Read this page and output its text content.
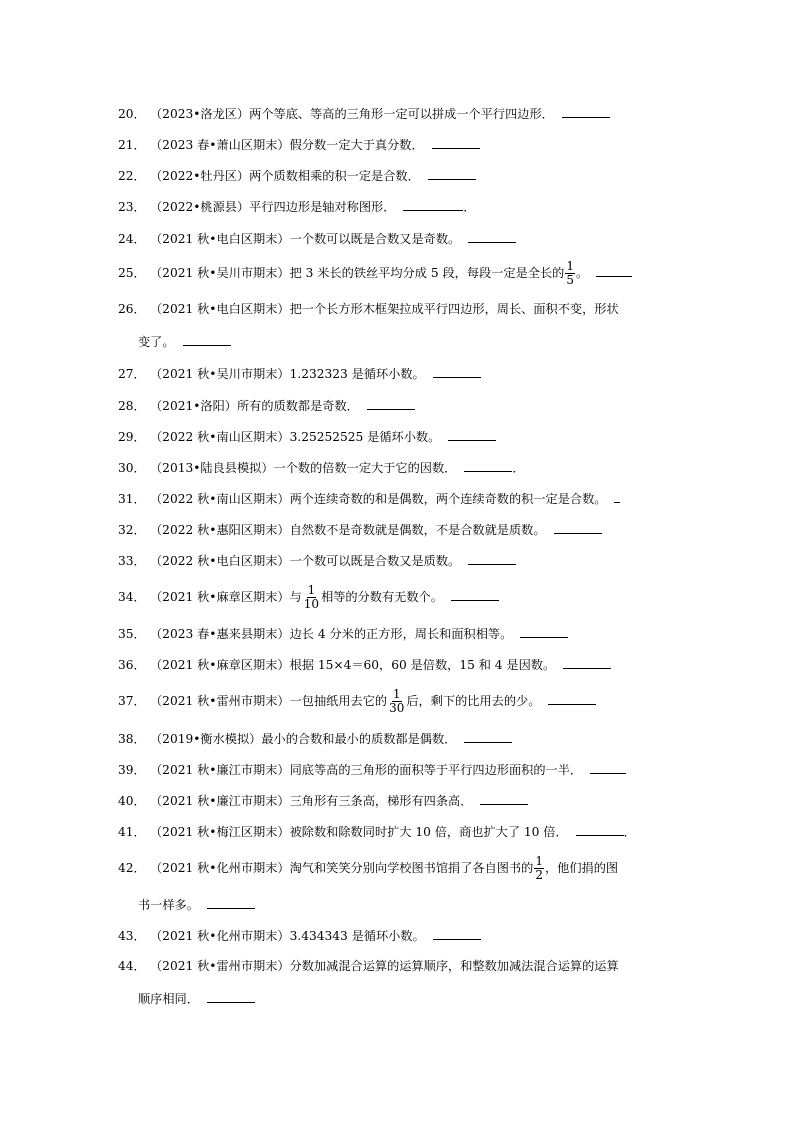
20． （2023•洛龙区）两个等底、等高的三角形一定可以拼成一个平行四边形．
21． （2023 春•萧山区期末）假分数一定大于真分数．
22． （2022•牡丹区）两个质数相乘的积一定是合数．
23． （2022•桃源县）平行四边形是轴对称图形．	．
24． （2021 秋•电白区期末）一个数可以既是合数又是奇数。
25． （2021 秋•吴川市期末）把 3 米长的铁丝平均分成 5 段，每段一定是全长的 $\frac{1}{5}$ 。
26． （2021 秋•电白区期末）把一个长方形木框架拉成平行四边形，周长、面积不变，形状
变了。
27． （2021 秋•吴川市期末）1.232323 是循环小数。
28． （2021•洛阳）所有的质数都是奇数．
29． （2022 秋•南山区期末）3.25252525 是循环小数。
30． （2013•陆良县模拟）一个数的倍数一定大于它的因数．	．
31． （2022 秋•南山区期末）两个连续奇数的和是偶数，两个连续奇数的积一定是合数。
32． （2022 秋•惠阳区期末）自然数不是奇数就是偶数，不是合数就是质数。
33． （2022 秋•电白区期末）一个数可以既是合数又是质数。
34． （2021 秋•麻章区期末）与 $\frac{1}{10}$ 相等的分数有无数个。
35． （2023 春•惠来县期末）边长 4 分米的正方形，周长和面积相等。
36． （2021 秋•麻章区期末）根据 15×4＝60，60 是倍数，15 和 4 是因数。
37． （2021 秋•雷州市期末）一包抽纸用去它的 $\frac{1}{30}$ 后，剩下的比用去的少。
38． （2019•衡水模拟）最小的合数和最小的质数都是偶数．
39． （2021 秋•廉江市期末）同底等高的三角形的面积等于平行四边形面积的一半．
40． （2021 秋•廉江市期末）三角形有三条高，梯形有四条高．
41． （2021 秋•梅江区期末）被除数和除数同时扩大 10 倍，商也扩大了 10 倍．	．
42． （2021 秋•化州市期末）淘气和笑笑分别向学校图书馆捐了各自图书的 $\frac{1}{2}$ ，他们捐的图
书一样多。
43． （2021 秋•化州市期末）3.434343 是循环小数。
44． （2021 秋•雷州市期末）分数加减混合运算的运算顺序，和整数加减法混合运算的运算
顺序相同．
